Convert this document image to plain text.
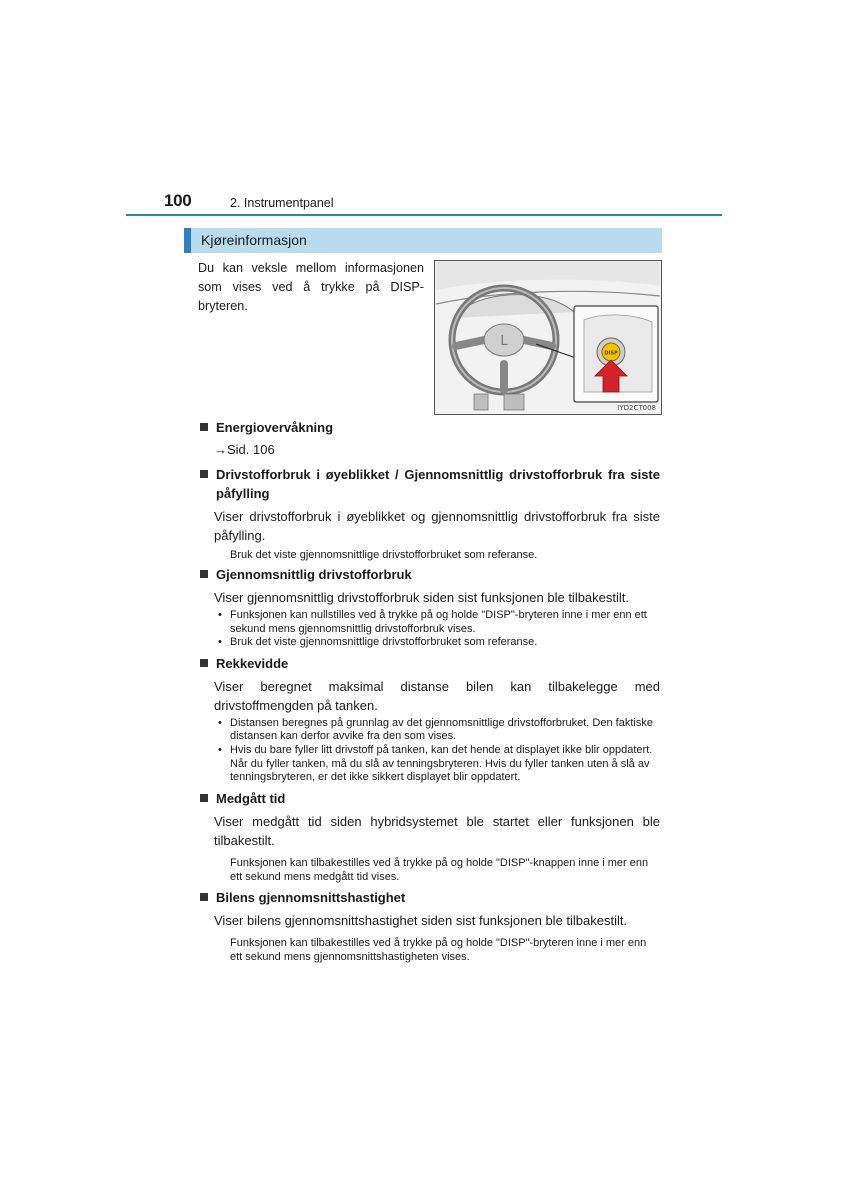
100	2. Instrumentpanel
Kjøreinformasjon
Du kan veksle mellom informasjonen som vises ved å trykke på DISP-bryteren.
L
DISP
IYD2CT008
Energiovervåkning
→Sid. 106
Drivstofforbruk i øyeblikket / Gjennomsnittlig drivstofforbruk fra siste påfylling
Viser drivstofforbruk i øyeblikket og gjennomsnittlig drivstofforbruk fra siste påfylling.
Bruk det viste gjennomsnittlige drivstofforbruket som referanse.
Gjennomsnittlig drivstofforbruk
Viser gjennomsnittlig drivstofforbruk siden sist funksjonen ble tilbakestilt.
• Funksjonen kan nullstilles ved å trykke på og holde "DISP"-bryteren inne i mer enn ett sekund mens gjennomsnittlig drivstofforbruk vises.
• Bruk det viste gjennomsnittlige drivstofforbruket som referanse.
Rekkevidde
Viser beregnet maksimal distanse bilen kan tilbakelegge med drivstoffmengden på tanken.
• Distansen beregnes på grunnlag av det gjennomsnittlige drivstofforbruket. Den faktiske distansen kan derfor avvike fra den som vises.
• Hvis du bare fyller litt drivstoff på tanken, kan det hende at displayet ikke blir oppdatert. Når du fyller tanken, må du slå av tenningsbryteren. Hvis du fyller tanken uten å slå av tenningsbryteren, er det ikke sikkert displayet blir oppdatert.
Medgått tid
Viser medgått tid siden hybridsystemet ble startet eller funksjonen ble tilbakestilt.
Funksjonen kan tilbakestilles ved å trykke på og holde "DISP"-knappen inne i mer enn ett sekund mens medgått tid vises.
Bilens gjennomsnittshastighet
Viser bilens gjennomsnittshastighet siden sist funksjonen ble tilbakestilt.
Funksjonen kan tilbakestilles ved å trykke på og holde "DISP"-bryteren inne i mer enn ett sekund mens gjennomsnittshastigheten vises.
